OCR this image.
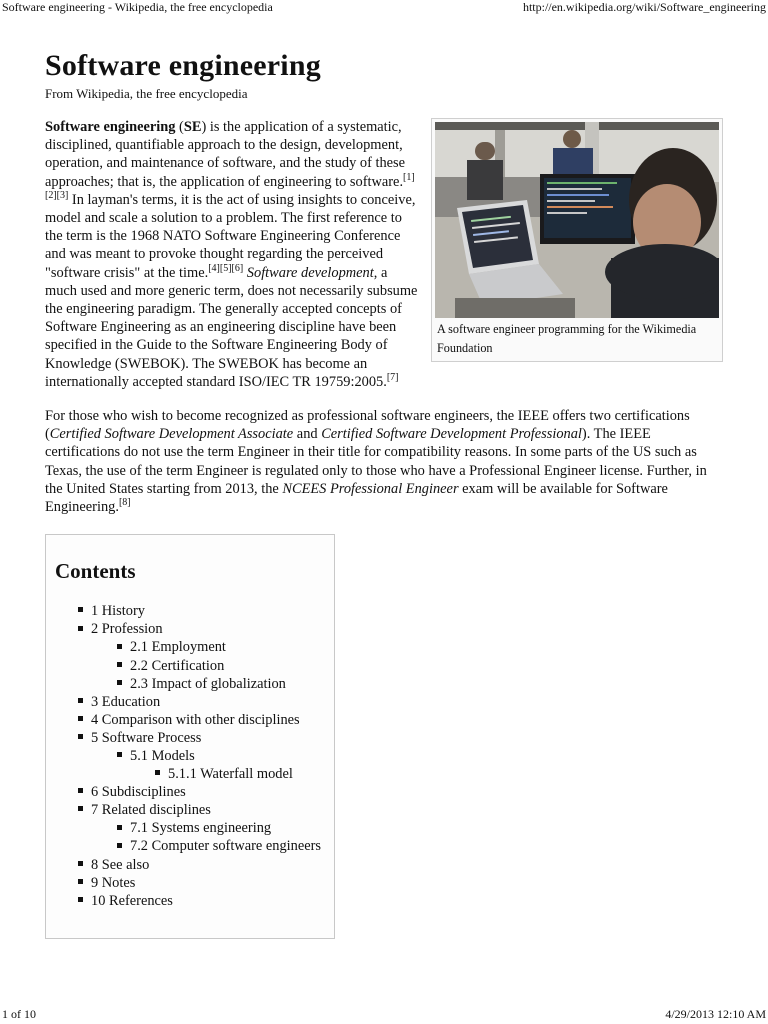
Software engineering - Wikipedia, the free encyclopedia	http://en.wikipedia.org/wiki/Software_engineering
Software engineering
From Wikipedia, the free encyclopedia
A software engineer programming for the Wikimedia Foundation

Software engineering (SE) is the application of a systematic, disciplined, quantifiable approach to the design, development, operation, and maintenance of software, and the study of these approaches; that is, the application of engineering to software.[1][2][3] In layman's terms, it is the act of using insights to conceive, model and scale a solution to a problem. The first reference to the term is the 1968 NATO Software Engineering Conference and was meant to provoke thought regarding the perceived "software crisis" at the time.[4][5][6] Software development, a much used and more generic term, does not necessarily subsume the engineering paradigm. The generally accepted concepts of Software Engineering as an engineering discipline have been specified in the Guide to the Software Engineering Body of Knowledge (SWEBOK). The SWEBOK has become an internationally accepted standard ISO/IEC TR 19759:2005.[7]

For those who wish to become recognized as professional software engineers, the IEEE offers two certifications (Certified Software Development Associate and Certified Software Development Professional). The IEEE certifications do not use the term Engineer in their title for compatibility reasons. In some parts of the US such as Texas, the use of the term Engineer is regulated only to those who have a Professional Engineer license. Further, in the United States starting from 2013, the NCEES Professional Engineer exam will be available for Software Engineering.[8]

Contents
1 History
2 Profession
2.1 Employment
2.2 Certification
2.3 Impact of globalization
3 Education
4 Comparison with other disciplines
5 Software Process
5.1 Models
5.1.1 Waterfall model
6 Subdisciplines
7 Related disciplines
7.1 Systems engineering
7.2 Computer software engineers
8 See also
9 Notes
10 References
1 of 10	4/29/2013 12:10 AM
